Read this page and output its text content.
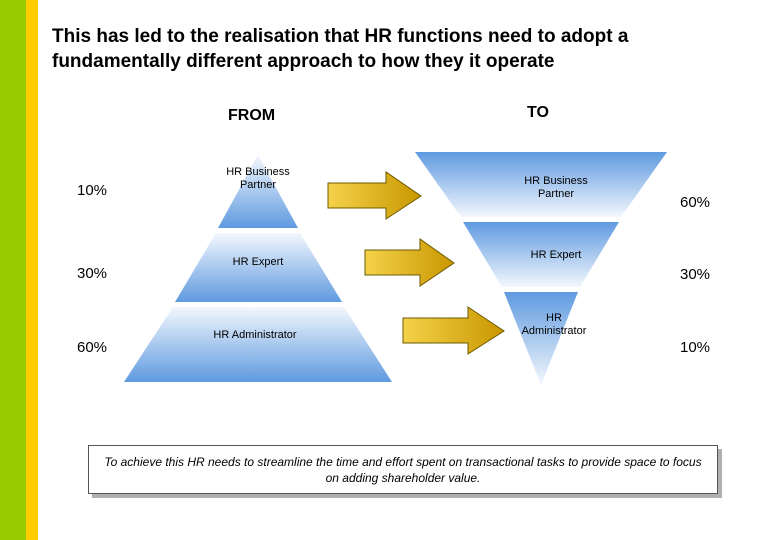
This has led to the realisation that HR functions need to adopt a fundamentally different approach to how they it operate
FROM	TO
10%
30%
60%
60%
30%
10%
HR Business Partner
HR Expert
HR Administrator
HR Business Partner
HR Expert
HR Administrator
To achieve this HR needs to streamline the time and effort spent on transactional tasks to provide space to focus on adding shareholder value.
